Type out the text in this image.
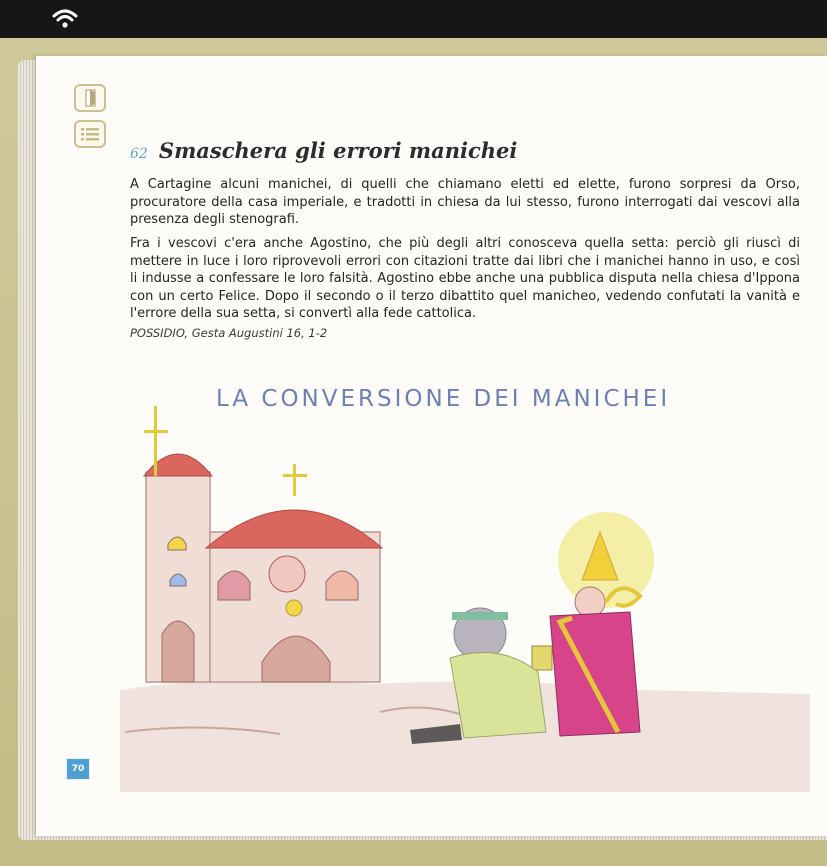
62 Smaschera gli errori manichei

A Cartagine alcuni manichei, di quelli che chiamano eletti ed elette, furono sorpresi da Orso, procuratore della casa imperiale, e tradotti in chiesa da lui stesso, furono interrogati dai vescovi alla presenza degli stenografi.

Fra i vescovi c'era anche Agostino, che più degli altri conosceva quella setta: perciò gli riuscì di mettere in luce i loro riprovevoli errori con citazioni tratte dai libri che i manichei hanno in uso, e così li indusse a confessare le loro falsità. Agostino ebbe anche una pubblica disputa nella chiesa d'Ippona con un certo Felice. Dopo il secondo o il terzo dibattito quel manicheo, vedendo confutati la vanità e l'errore della sua setta, si convertì alla fede cattolica.

POSSIDIO, Gesta Augustini 16, 1-2
LA CONVERSIONE DEI MANICHEI
70
